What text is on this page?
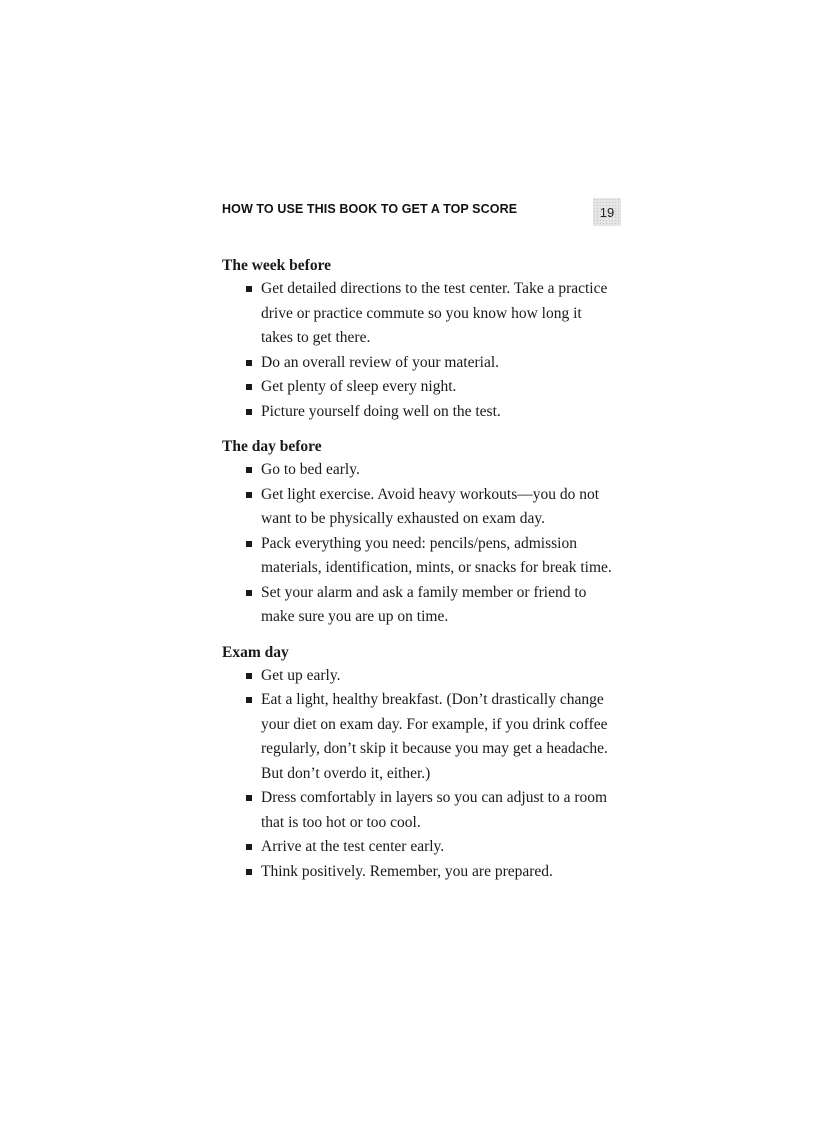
HOW TO USE THIS BOOK TO GET A TOP SCORE	19
The week before
Get detailed directions to the test center. Take a practice drive or practice commute so you know how long it takes to get there.
Do an overall review of your material.
Get plenty of sleep every night.
Picture yourself doing well on the test.
The day before
Go to bed early.
Get light exercise. Avoid heavy workouts—you do not want to be physically exhausted on exam day.
Pack everything you need: pencils/pens, admission materials, identification, mints, or snacks for break time.
Set your alarm and ask a family member or friend to make sure you are up on time.
Exam day
Get up early.
Eat a light, healthy breakfast. (Don’t drastically change your diet on exam day. For example, if you drink coffee regularly, don’t skip it because you may get a headache. But don’t overdo it, either.)
Dress comfortably in layers so you can adjust to a room that is too hot or too cool.
Arrive at the test center early.
Think positively. Remember, you are prepared.
